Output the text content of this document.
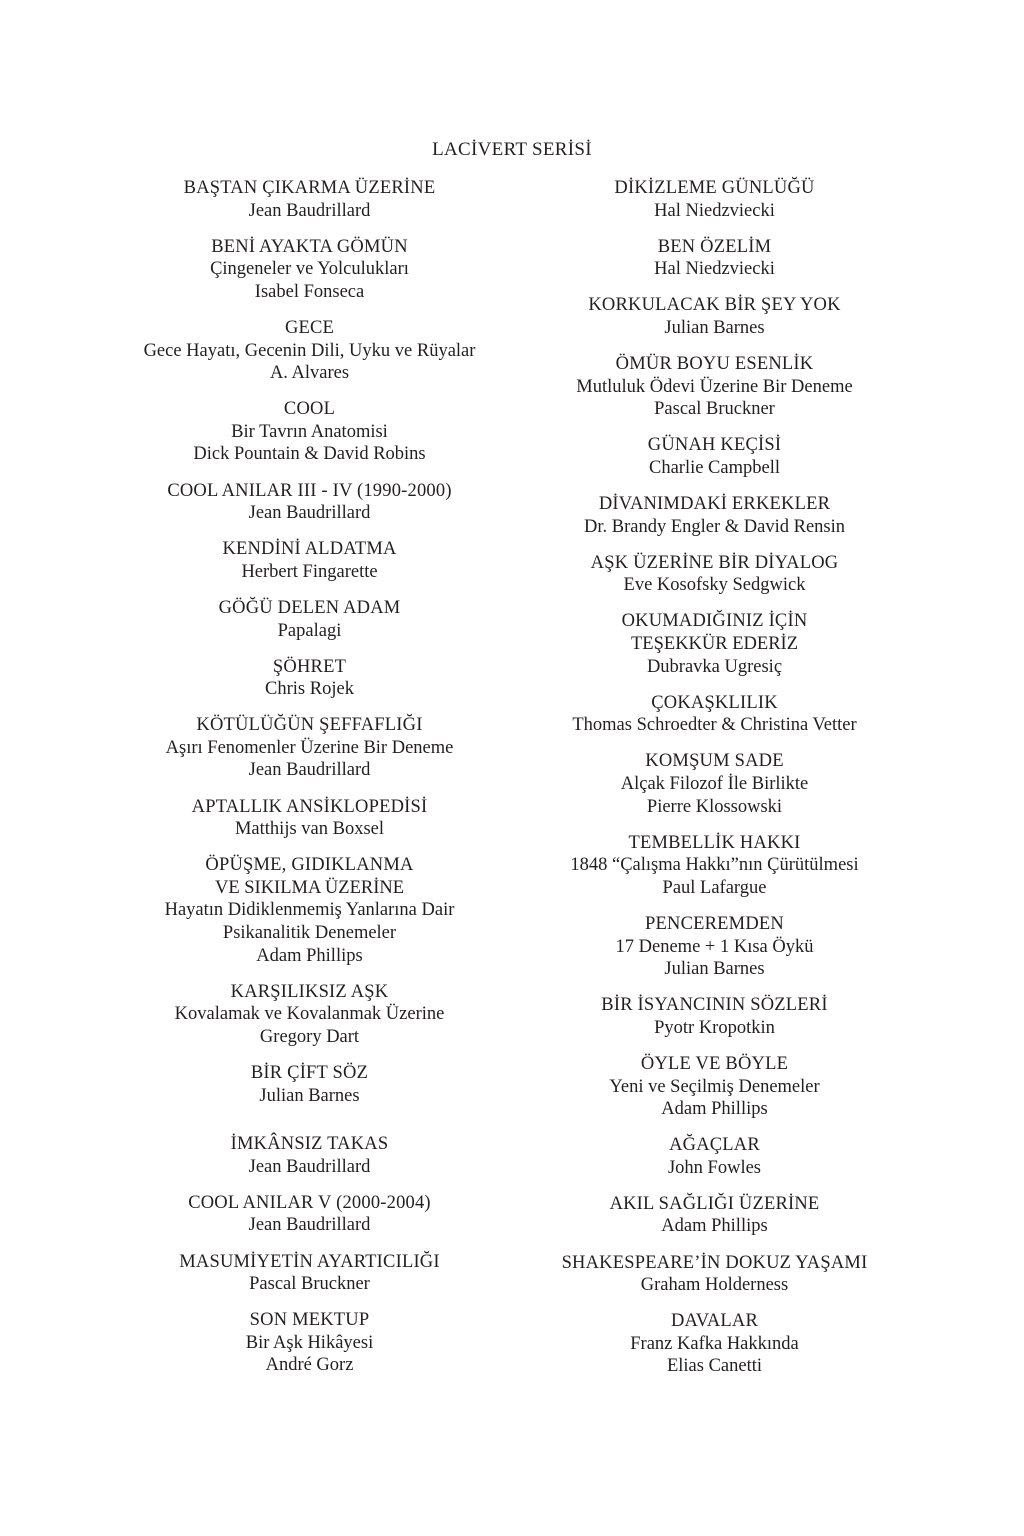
LACİVERT SERİSİ
BAŞTAN ÇIKARMA ÜZERİNE
Jean Baudrillard
BENİ AYAKTA GÖMÜN
Çingeneler ve Yolculukları
Isabel Fonseca
GECE
Gece Hayatı, Gecenin Dili, Uyku ve Rüyalar
A. Alvares
COOL
Bir Tavrın Anatomisi
Dick Pountain & David Robins
COOL ANILAR III - IV (1990-2000)
Jean Baudrillard
KENDİNİ ALDATMA
Herbert Fingarette
GÖĞÜ DELEN ADAM
Papalagi
ŞÖHRET
Chris Rojek
KÖTÜLÜĞÜN ŞEFFAFLIĞI
Aşırı Fenomenler Üzerine Bir Deneme
Jean Baudrillard
APTALLIK ANSİKLOPEDİSİ
Matthijs van Boxsel
ÖPÜŞME, GIDIKLANMA
VE SIKILMA ÜZERİNE
Hayatın Didiklenmemiş Yanlarına Dair
Psikanalitik Denemeler
Adam Phillips
KARŞILIKSIZ AŞK
Kovalamak ve Kovalanmak Üzerine
Gregory Dart
BİR ÇİFT SÖZ
Julian Barnes
İMKÂNSIZ TAKAS
Jean Baudrillard
COOL ANILAR V (2000-2004)
Jean Baudrillard
MASUMİYETİN AYARTICILIĞI
Pascal Bruckner
SON MEKTUP
Bir Aşk Hikâyesi
André Gorz
DİKİZLEME GÜNLÜĞÜ
Hal Niedzviecki
BEN ÖZELİM
Hal Niedzviecki
KORKULACAK BİR ŞEY YOK
Julian Barnes
ÖMÜR BOYU ESENLİK
Mutluluk Ödevi Üzerine Bir Deneme
Pascal Bruckner
GÜNAH KEÇİSİ
Charlie Campbell
DİVANIMDAKİ ERKEKLER
Dr. Brandy Engler & David Rensin
AŞK ÜZERİNE BİR DİYALOG
Eve Kosofsky Sedgwick
OKUMADIĞINIZ İÇİN
TEŞEKKÜR EDERİZ
Dubravka Ugresiç
ÇOKAŞKLILIK
Thomas Schroedter & Christina Vetter
KOMŞUM SADE
Alçak Filozof İle Birlikte
Pierre Klossowski
TEMBELLİK HAKKI
1848 “Çalışma Hakkı”nın Çürütülmesi
Paul Lafargue
PENCEREMDEN
17 Deneme + 1 Kısa Öykü
Julian Barnes
BİR İSYANCININ SÖZLERİ
Pyotr Kropotkin
ÖYLE VE BÖYLE
Yeni ve Seçilmiş Denemeler
Adam Phillips
AĞAÇLAR
John Fowles
AKIL SAĞLIĞI ÜZERİNE
Adam Phillips
SHAKESPEARE’İN DOKUZ YAŞAMI
Graham Holderness
DAVALAR
Franz Kafka Hakkında
Elias Canetti
